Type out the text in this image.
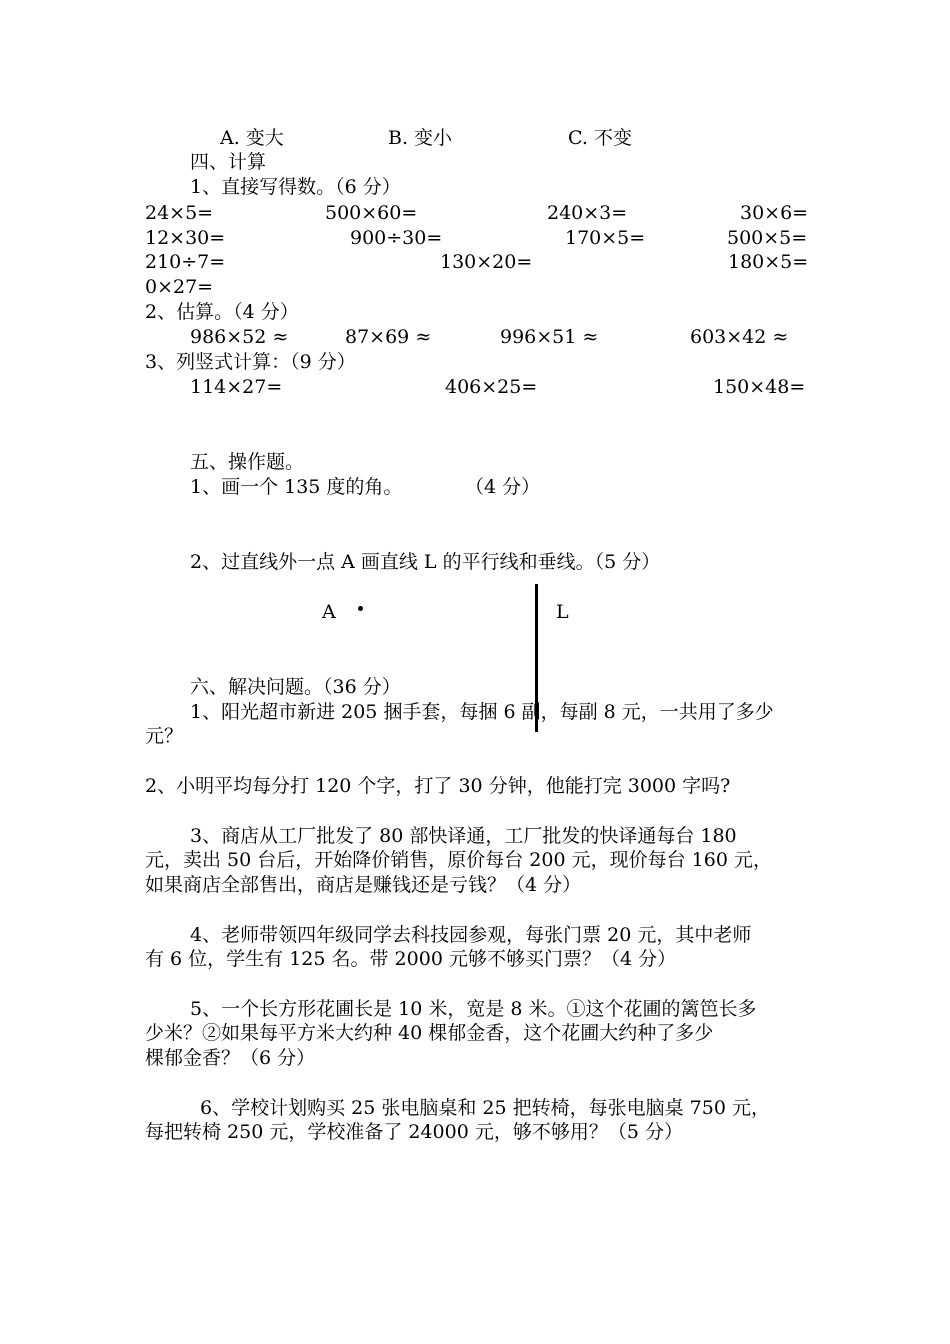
A. 变大	B. 变小	C. 不变
四、计算
1、直接写得数。（6 分）
24×5=	500×60=	240×3=	30×6=
12×30=	900÷30=	170×5=	500×5=
210÷7=	130×20=	180×5=
0×27=
2、估算。（4 分）
986×52 ≈	87×69 ≈	996×51 ≈	603×42 ≈
3、列竖式计算：（9 分）
114×27=	406×25=	150×48=
五、操作题。
1、画一个 135 度的角。	（4 分）
2、过直线外一点 A 画直线 L 的平行线和垂线。（5 分）
A	L
六、解决问题。（36 分）
1、阳光超市新进 205 捆手套，每捆 6 副，每副 8 元，一共用了多少
元？
2、小明平均每分打 120 个字，打了 30 分钟，他能打完 3000 字吗?
3、商店从工厂批发了 80 部快译通，工厂批发的快译通每台 180
元，卖出 50 台后，开始降价销售，原价每台 200 元，现价每台 160 元，
如果商店全部售出，商店是赚钱还是亏钱？（4 分）
4、老师带领四年级同学去科技园参观，每张门票 20 元，其中老师
有 6 位，学生有 125 名。带 2000 元够不够买门票？（4 分）
5、一个长方形花圃长是 10 米，宽是 8 米。①这个花圃的篱笆长多
少米？②如果每平方米大约种 40 棵郁金香，这个花圃大约种了多少
棵郁金香？（6 分）
6、学校计划购买 25 张电脑桌和 25 把转椅，每张电脑桌 750 元，
每把转椅 250 元，学校准备了 24000 元，够不够用？（5 分）
